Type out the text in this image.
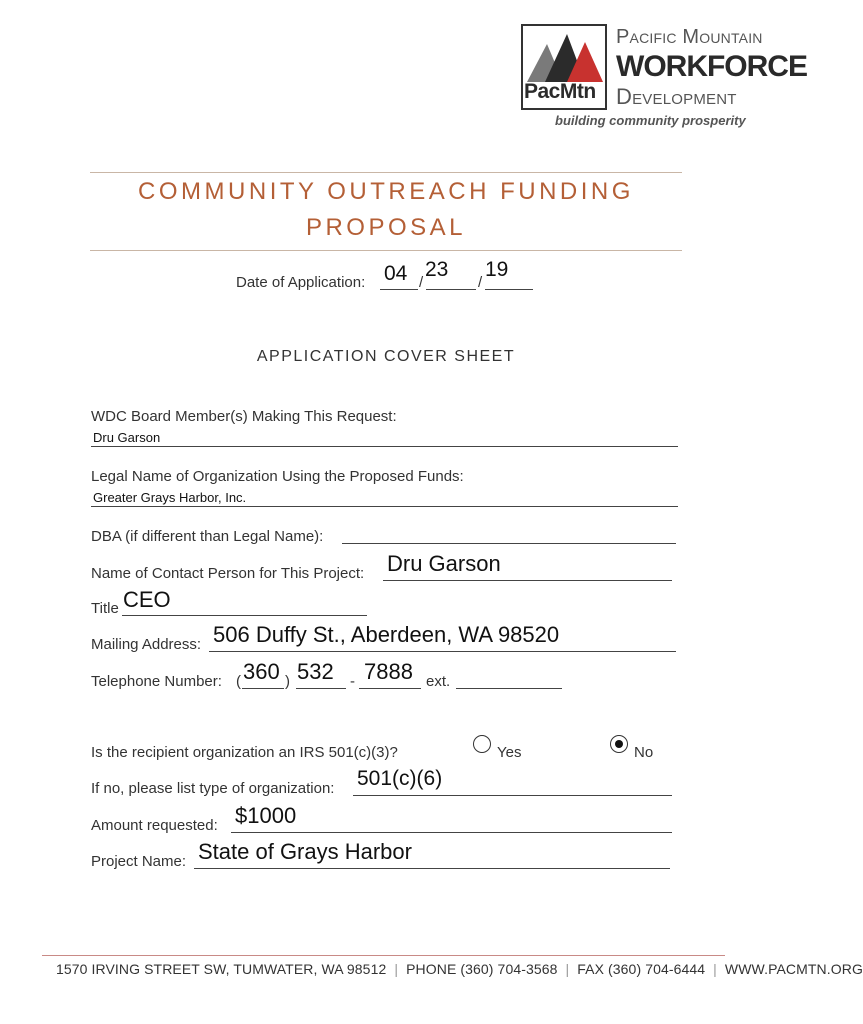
PacMtn
Pacific Mountain
WORKFORCE
Development
building community prosperity
COMMUNITY OUTREACH FUNDING
PROPOSAL
Date of Application: 04 /
23
/
19
APPLICATION COVER SHEET
WDC Board Member(s) Making This Request:
Dru Garson
Legal Name of Organization Using the Proposed Funds:
Greater Grays Harbor, Inc.
DBA (if different than Legal Name):
Name of Contact Person for This Project: Dru Garson
Title CEO
Mailing Address: 506 Duffy St., Aberdeen, WA 98520
Telephone Number: ( 360 ) 532 - 7888 ext.
Is the recipient organization an IRS 501(c)(3)?	Yes	No
If no, please list type of organization: 501(c)(6)
Amount requested: $1000
Project Name: State of Grays Harbor
1570 IRVING STREET SW, TUMWATER, WA 98512 | PHONE (360) 704-3568 | FAX (360) 704-6444 | WWW.PACMTN.ORG
